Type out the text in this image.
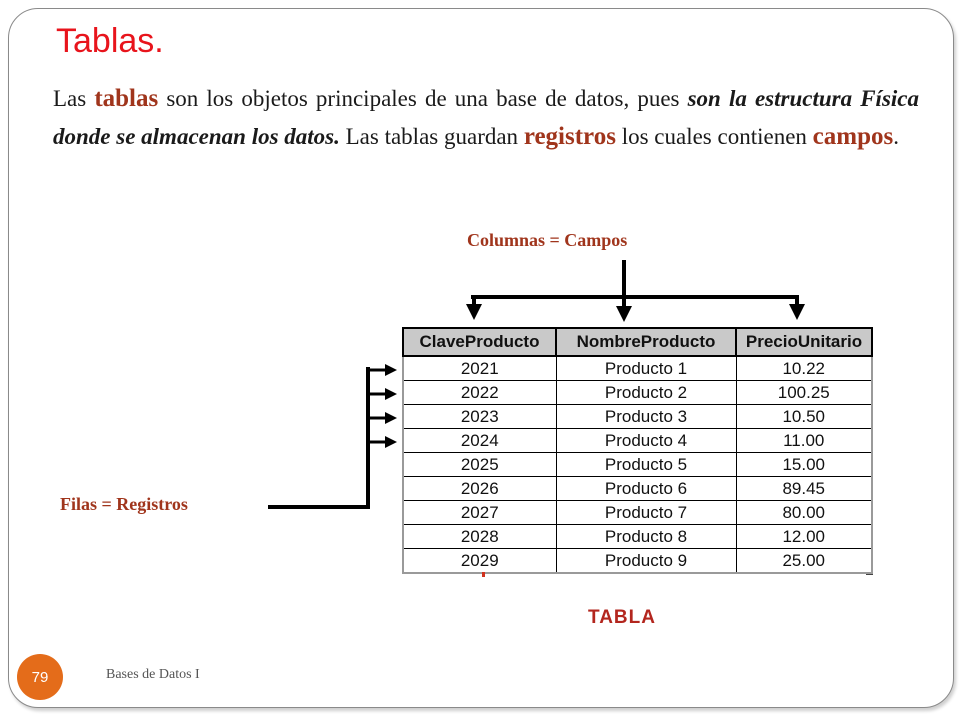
Tablas.
Las tablas son los objetos principales de una base de datos, pues son la estructura Física donde se almacenan los datos. Las tablas guardan registros los cuales contienen campos.
Columnas = Campos
Filas = Registros
ClaveProducto	NombreProducto	PrecioUnitario
2021	Producto 1	10.22
2022	Producto 2	100.25
2023	Producto 3	10.50
2024	Producto 4	11.00
2025	Producto 5	15.00
2026	Producto 6	89.45
2027	Producto 7	80.00
2028	Producto 8	12.00
2029	Producto 9	25.00
TABLA
79	Bases de Datos I
